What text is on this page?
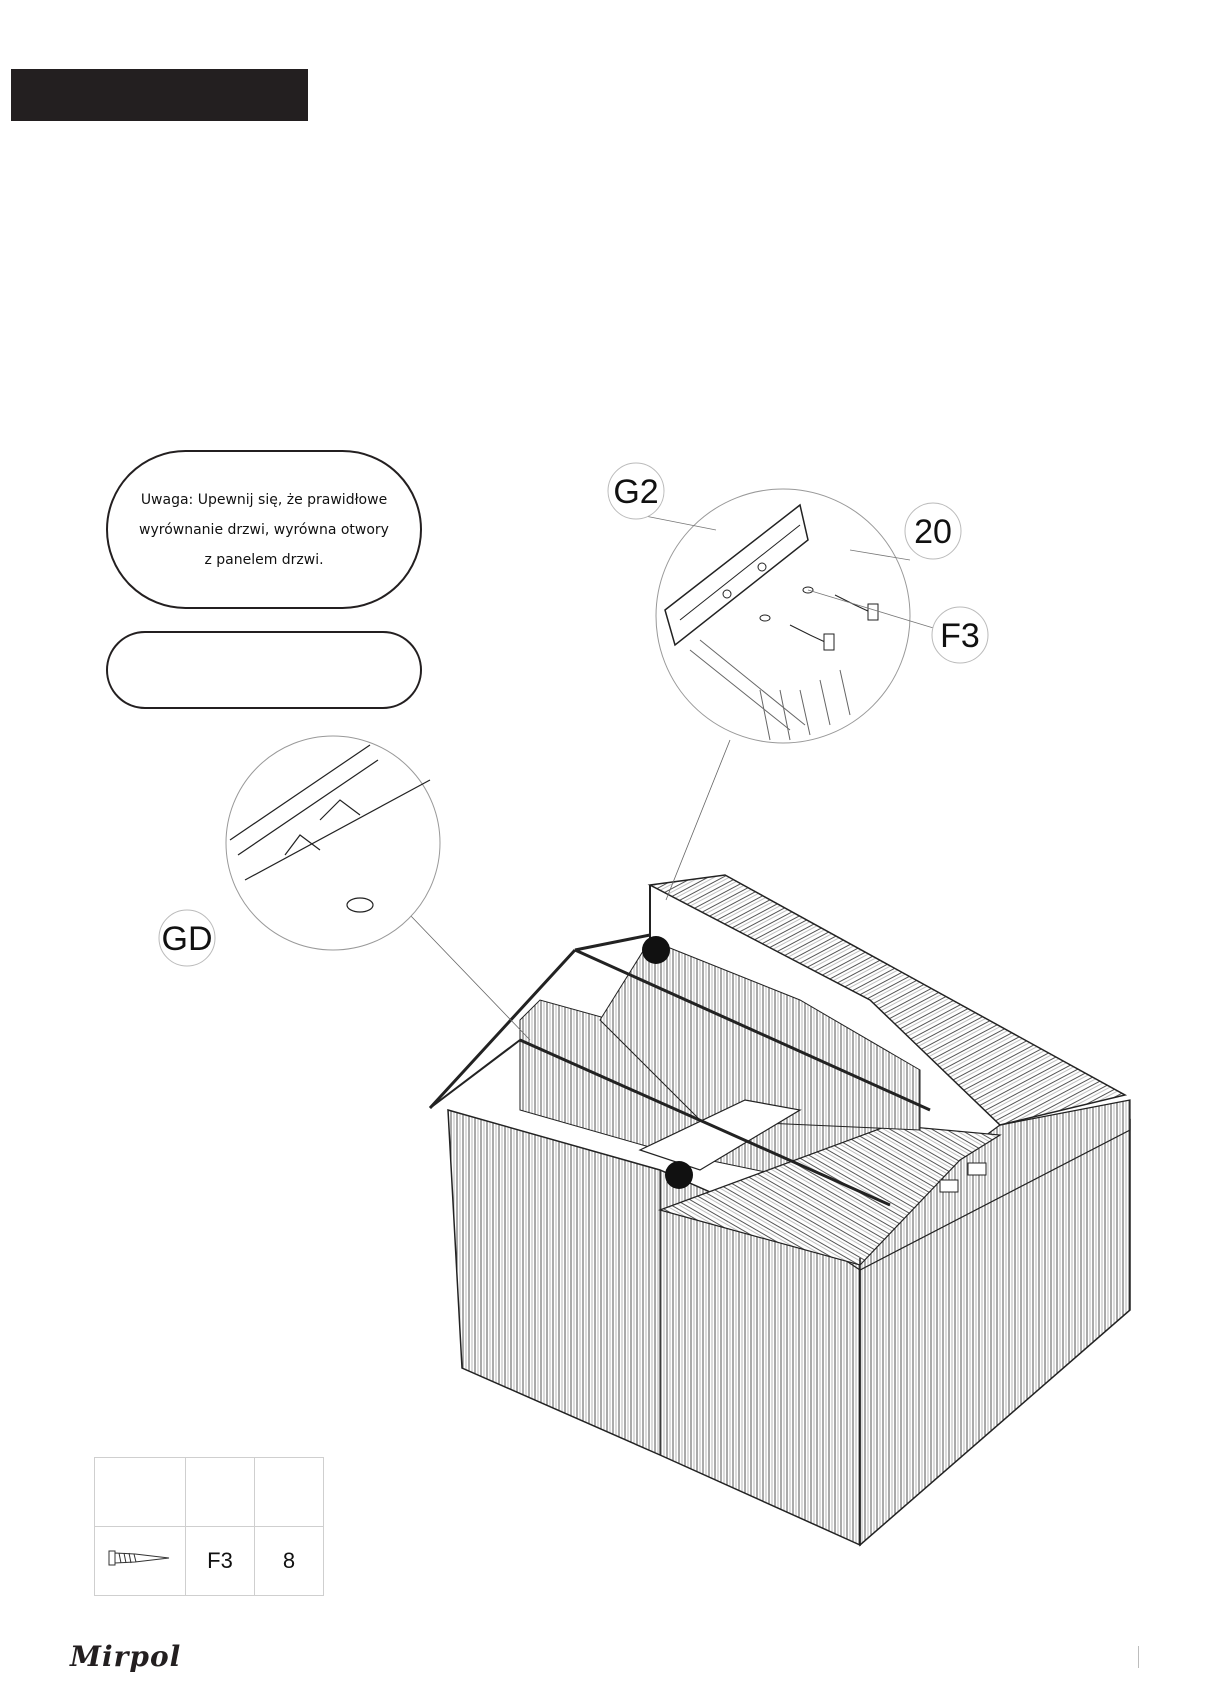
Uwaga: Upewnij się, że prawidłowe wyrównanie drzwi, wyrówna otwory z panelem drzwi.
G2
20
F3
GD

	F3	8
Mirpol
